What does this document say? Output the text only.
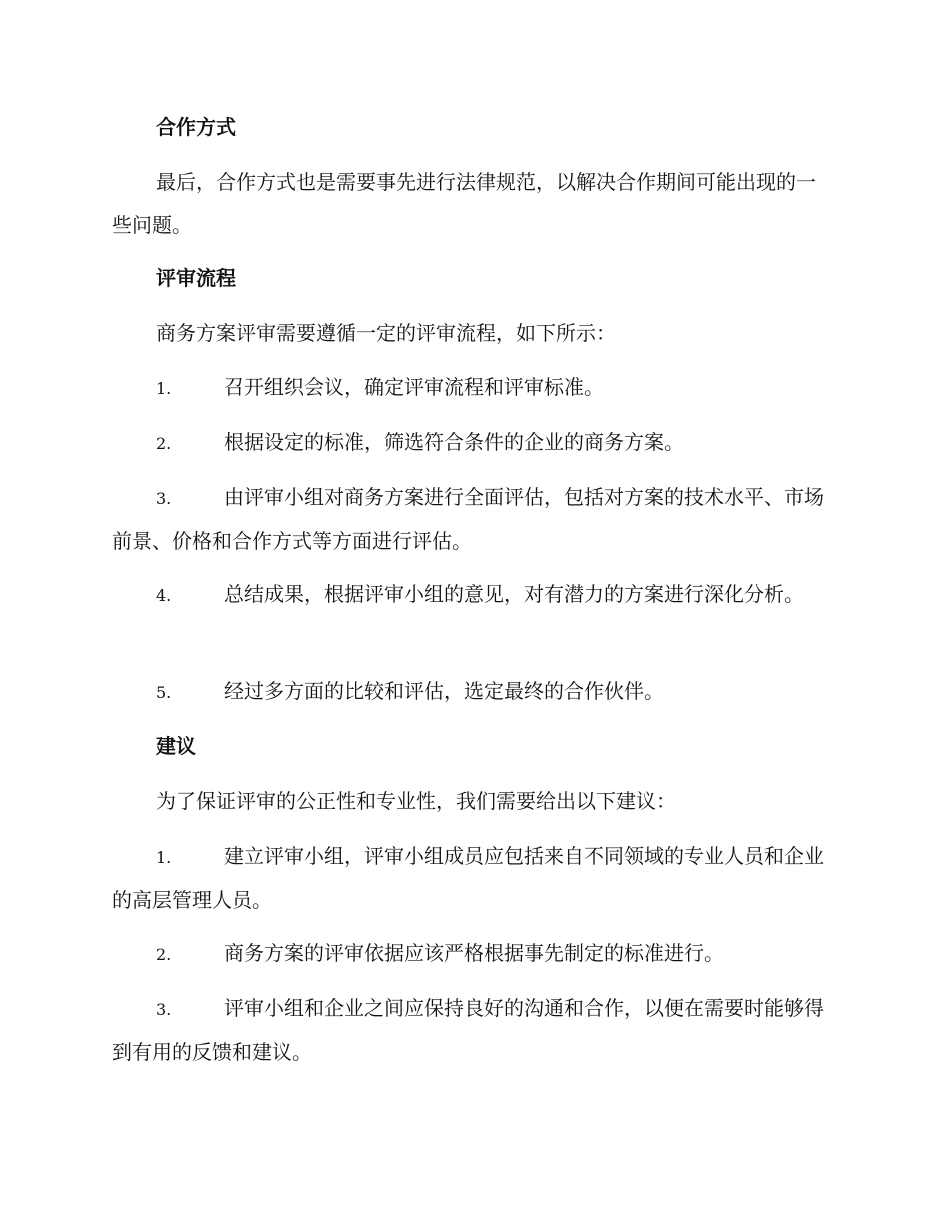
合作方式

最后，合作方式也是需要事先进行法律规范，以解决合作期间可能出现的一些问题。

评审流程

商务方案评审需要遵循一定的评审流程，如下所示：

1.	召开组织会议，确定评审流程和评审标准。

2.	根据设定的标准，筛选符合条件的企业的商务方案。

3.	由评审小组对商务方案进行全面评估，包括对方案的技术水平、市场前景、价格和合作方式等方面进行评估。

4.	总结成果，根据评审小组的意见，对有潜力的方案进行深化分析。

5.	经过多方面的比较和评估，选定最终的合作伙伴。

建议

为了保证评审的公正性和专业性，我们需要给出以下建议：

1.	建立评审小组，评审小组成员应包括来自不同领域的专业人员和企业的高层管理人员。

2.	商务方案的评审依据应该严格根据事先制定的标准进行。

3.	评审小组和企业之间应保持良好的沟通和合作，以便在需要时能够得到有用的反馈和建议。
